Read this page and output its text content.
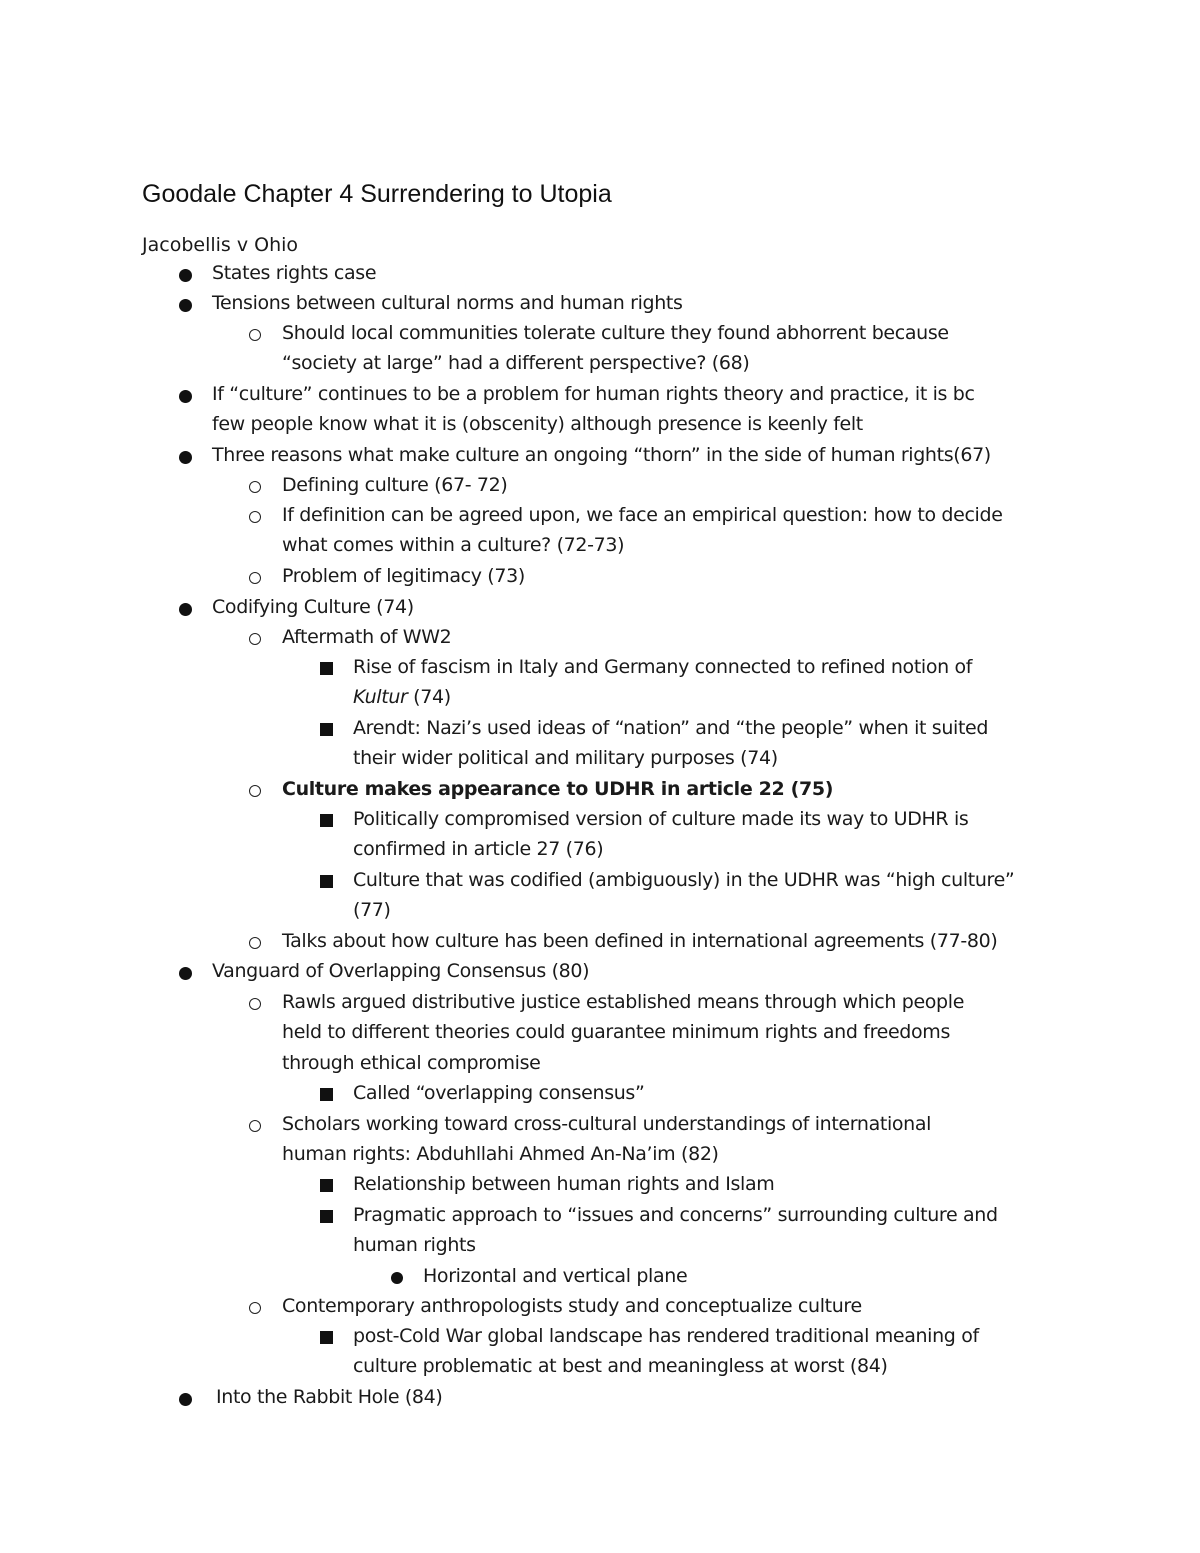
Goodale Chapter 4 Surrendering to Utopia
Jacobellis v Ohio
States rights case
Tensions between cultural norms and human rights
Should local communities tolerate culture they found abhorrent because
“society at large” had a different perspective? (68)
If “culture” continues to be a problem for human rights theory and practice, it is bc
few people know what it is (obscenity) although presence is keenly felt
Three reasons what make culture an ongoing “thorn” in the side of human rights(67)
Defining culture (67- 72)
If definition can be agreed upon, we face an empirical question: how to decide
what comes within a culture? (72-73)
Problem of legitimacy (73)
Codifying Culture (74)
Aftermath of WW2
Rise of fascism in Italy and Germany connected to refined notion of
Kultur (74)
Arendt: Nazi’s used ideas of “nation” and “the people” when it suited
their wider political and military purposes (74)
Culture makes appearance to UDHR in article 22 (75)
Politically compromised version of culture made its way to UDHR is
confirmed in article 27 (76)
Culture that was codified (ambiguously) in the UDHR was “high culture”
(77)
Talks about how culture has been defined in international agreements (77-80)
Vanguard of Overlapping Consensus (80)
Rawls argued distributive justice established means through which people
held to different theories could guarantee minimum rights and freedoms
through ethical compromise
Called “overlapping consensus”
Scholars working toward cross-cultural understandings of international
human rights: Abduhllahi Ahmed An-Na’im (82)
Relationship between human rights and Islam
Pragmatic approach to “issues and concerns” surrounding culture and
human rights
Horizontal and vertical plane
Contemporary anthropologists study and conceptualize culture
post-Cold War global landscape has rendered traditional meaning of
culture problematic at best and meaningless at worst (84)
Into the Rabbit Hole (84)
